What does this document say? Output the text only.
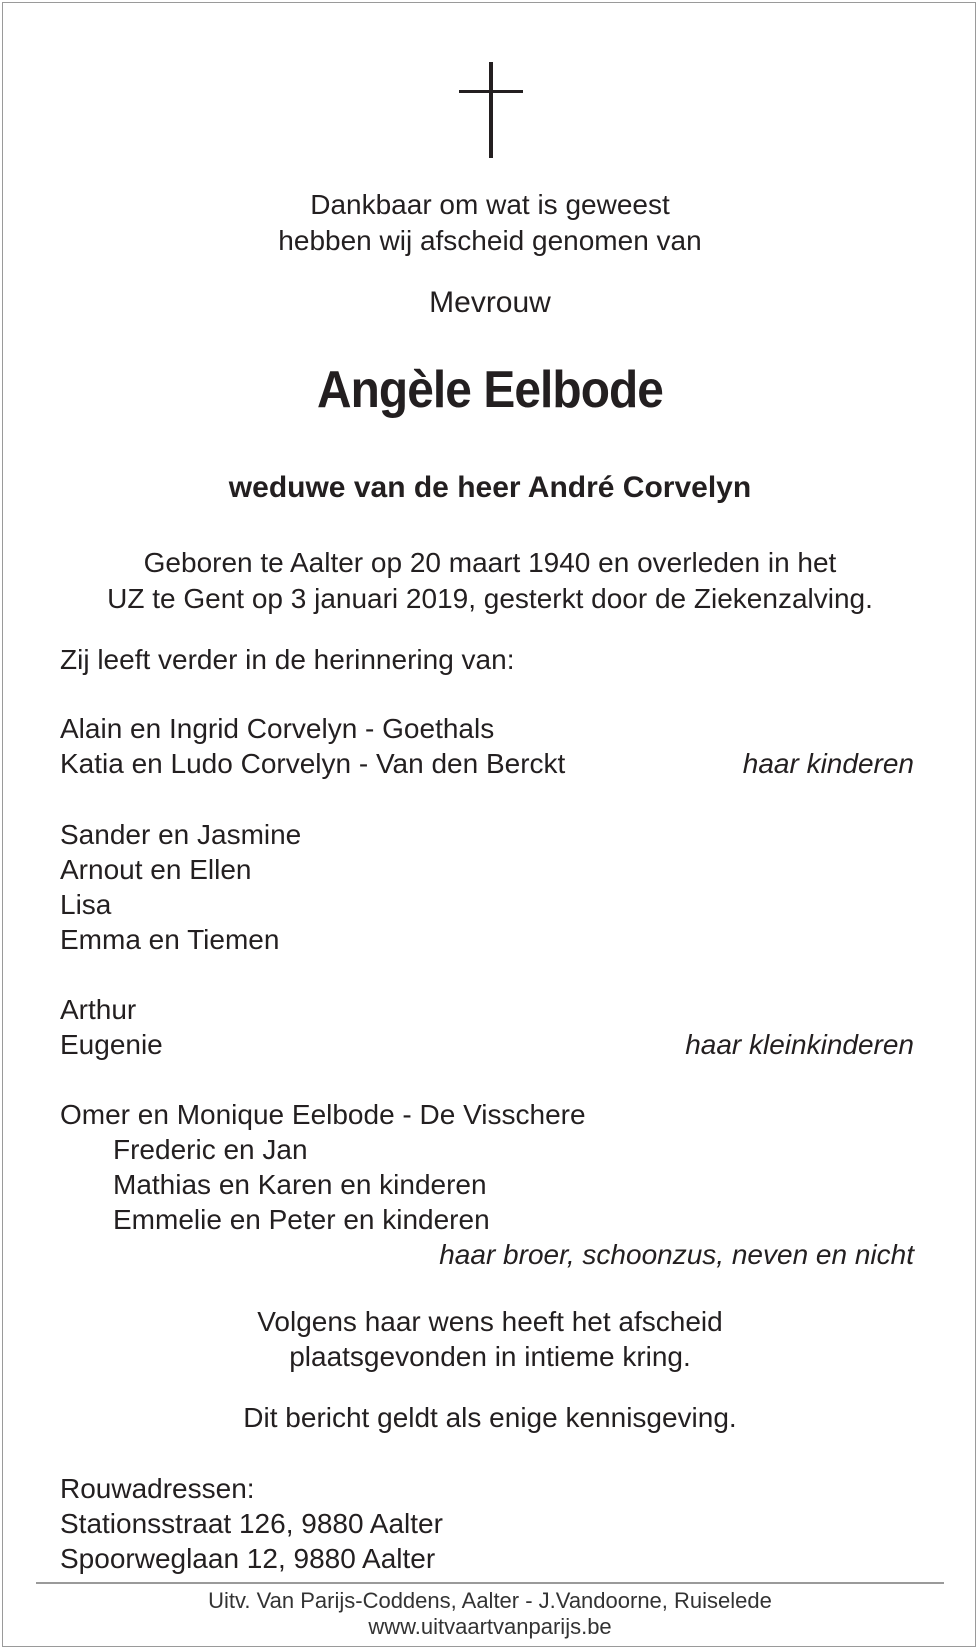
Dankbaar om wat is geweest
hebben wij afscheid genomen van
Mevrouw
Angèle Eelbode
weduwe van de heer André Corvelyn
Geboren te Aalter op 20 maart 1940 en overleden in het
UZ te Gent op 3 januari 2019, gesterkt door de Ziekenzalving.
Zij leeft verder in de herinnering van:
Alain en Ingrid Corvelyn - Goethals
Katia en Ludo Corvelyn - Van den Berckt	haar kinderen
Sander en Jasmine
Arnout en Ellen
Lisa
Emma en Tiemen
Arthur
Eugenie	haar kleinkinderen
Omer en Monique Eelbode - De Visschere
Frederic en Jan
Mathias en Karen en kinderen
Emmelie en Peter en kinderen
haar broer, schoonzus, neven en nicht
Volgens haar wens heeft het afscheid
plaatsgevonden in intieme kring.
Dit bericht geldt als enige kennisgeving.
Rouwadressen:
Stationsstraat 126, 9880 Aalter
Spoorweglaan 12, 9880 Aalter
Uitv. Van Parijs-Coddens, Aalter - J.Vandoorne, Ruiselede
www.uitvaartvanparijs.be
